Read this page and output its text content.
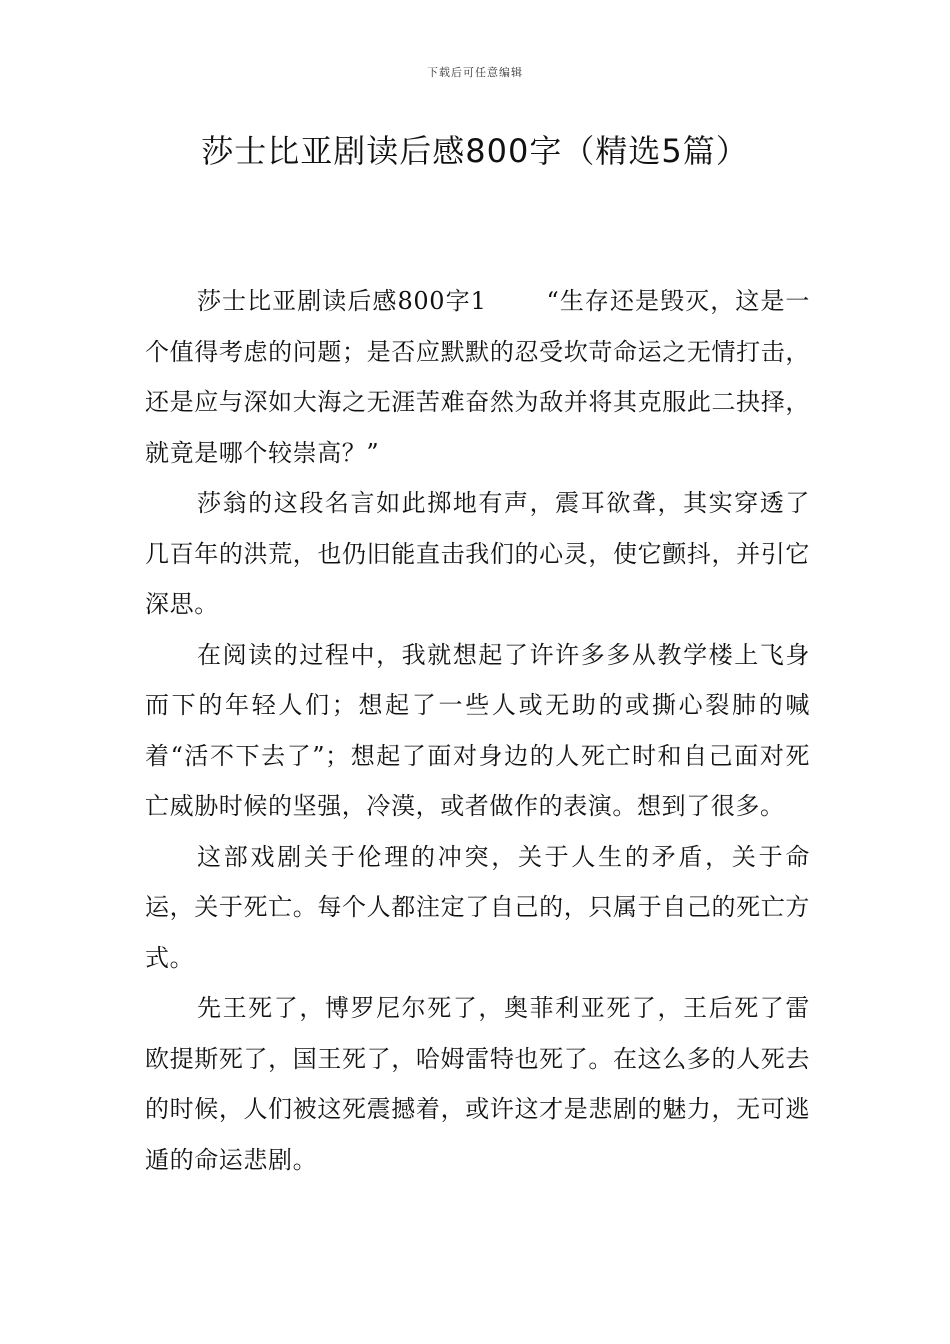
下载后可任意编辑
莎士比亚剧读后感800字（精选5篇）

莎士比亚剧读后感800字1	“生存还是毁灭，这是一个值得考虑的问题；是否应默默的忍受坎苛命运之无情打击，还是应与深如大海之无涯苦难奋然为敌并将其克服此二抉择，就竟是哪个较崇高？”

莎翁的这段名言如此掷地有声，震耳欲聋，其实穿透了几百年的洪荒，也仍旧能直击我们的心灵，使它颤抖，并引它深思。

在阅读的过程中，我就想起了许许多多从教学楼上飞身而下的年轻人们；想起了一些人或无助的或撕心裂肺的喊着“活不下去了”；想起了面对身边的人死亡时和自己面对死亡威胁时候的坚强，冷漠，或者做作的表演。想到了很多。

这部戏剧关于伦理的冲突，关于人生的矛盾，关于命运，关于死亡。每个人都注定了自己的，只属于自己的死亡方式。

先王死了，博罗尼尔死了，奥菲利亚死了，王后死了雷欧提斯死了，国王死了，哈姆雷特也死了。在这么多的人死去的时候，人们被这死震撼着，或许这才是悲剧的魅力，无可逃遁的命运悲剧。
